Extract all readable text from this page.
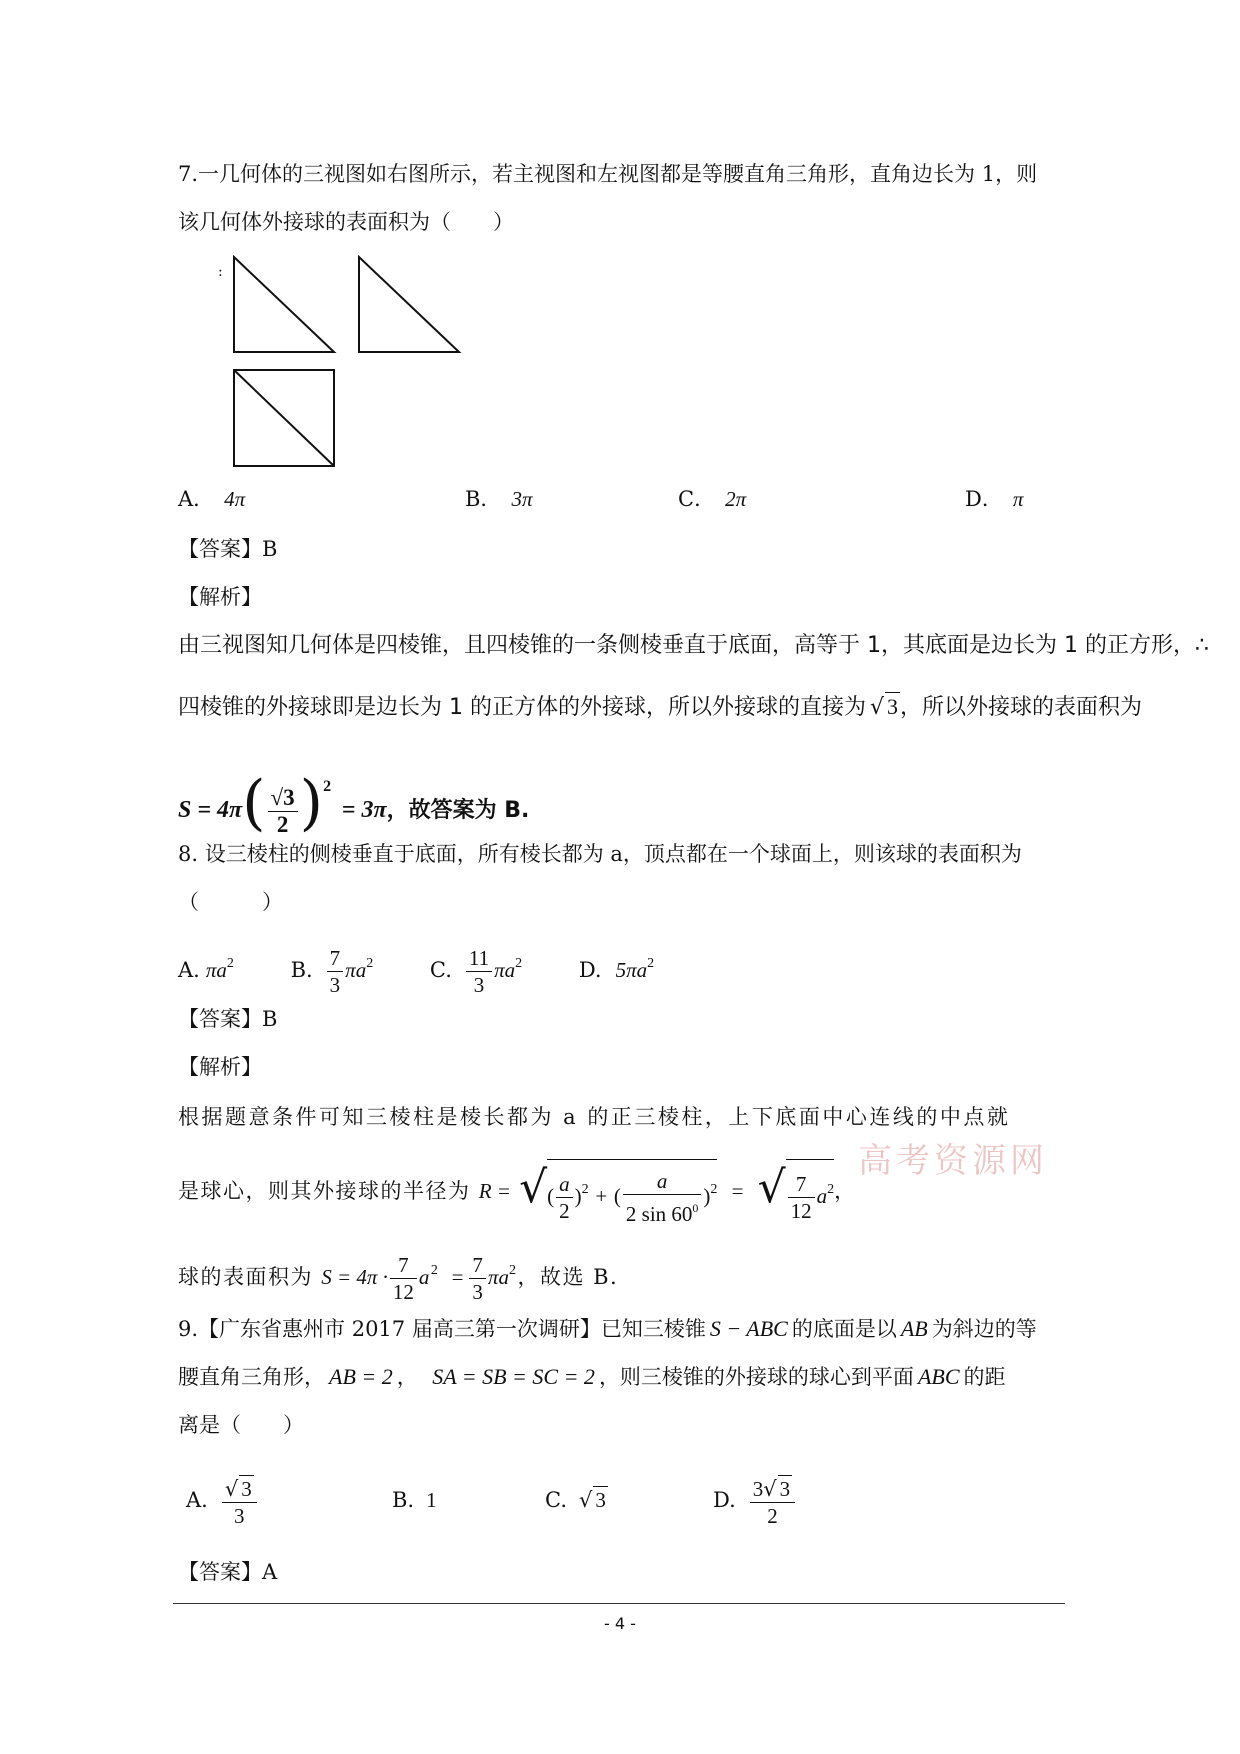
7.一几何体的三视图如右图所示，若主视图和左视图都是等腰直角三角形，直角边长为 1，则
该几何体外接球的表面积为（　　）
:
A． 4π	B． 3π	C． 2π	D． π
【答案】B
【解析】
由三视图知几何体是四棱锥，且四棱锥的一条侧棱垂直于底面，高等于 1，其底面是边长为 1 的正方形，∴
四棱锥的外接球即是边长为 1 的正方体的外接球，所以外接球的直接为 √ 3，所以外接球的表面积为
$S = 4\pi( \frac{√3}{2} )^2 = 3\pi$，故答案为 B.
8. 设三棱柱的侧棱垂直于底面，所有棱长都为 a，顶点都在一个球面上，则该球的表面积为
（　　　）
A. $\pi a^2$	B. $\frac{7}{3} \pi a^2$	C. $\frac{11}{3} \pi a^2$	D. $5\pi a^2$
【答案】B
【解析】
根据题意条件可知三棱柱是棱长都为 a 的正三棱柱，上下底面中心连线的中点就
是球心，则其外接球的半径为 R = √( $\frac{a}{2} )^2$ + ( $\frac{a}{2 \sin 60^0} )^2$ = √ $\frac{7}{12} a^2$，
球的表面积为 $S = 4\pi \cdot \frac{7}{12} a^2 = \frac{7}{3} \pi a^2$，故选 B.
高考资源网
9.【广东省惠州市 2017 届高三第一次调研】已知三棱锥 S − ABC 的底面是以 AB 为斜边的等
腰直角三角形， AB = 2 ，　SA = SB = SC = 2 ，则三棱锥的外接球的球心到平面 ABC 的距
离是（　　）
A. $\frac{√ 3}{3}$	B. 1	C. √ 3	D. $\frac{3√ 3}{2}$
【答案】A
- 4 -
